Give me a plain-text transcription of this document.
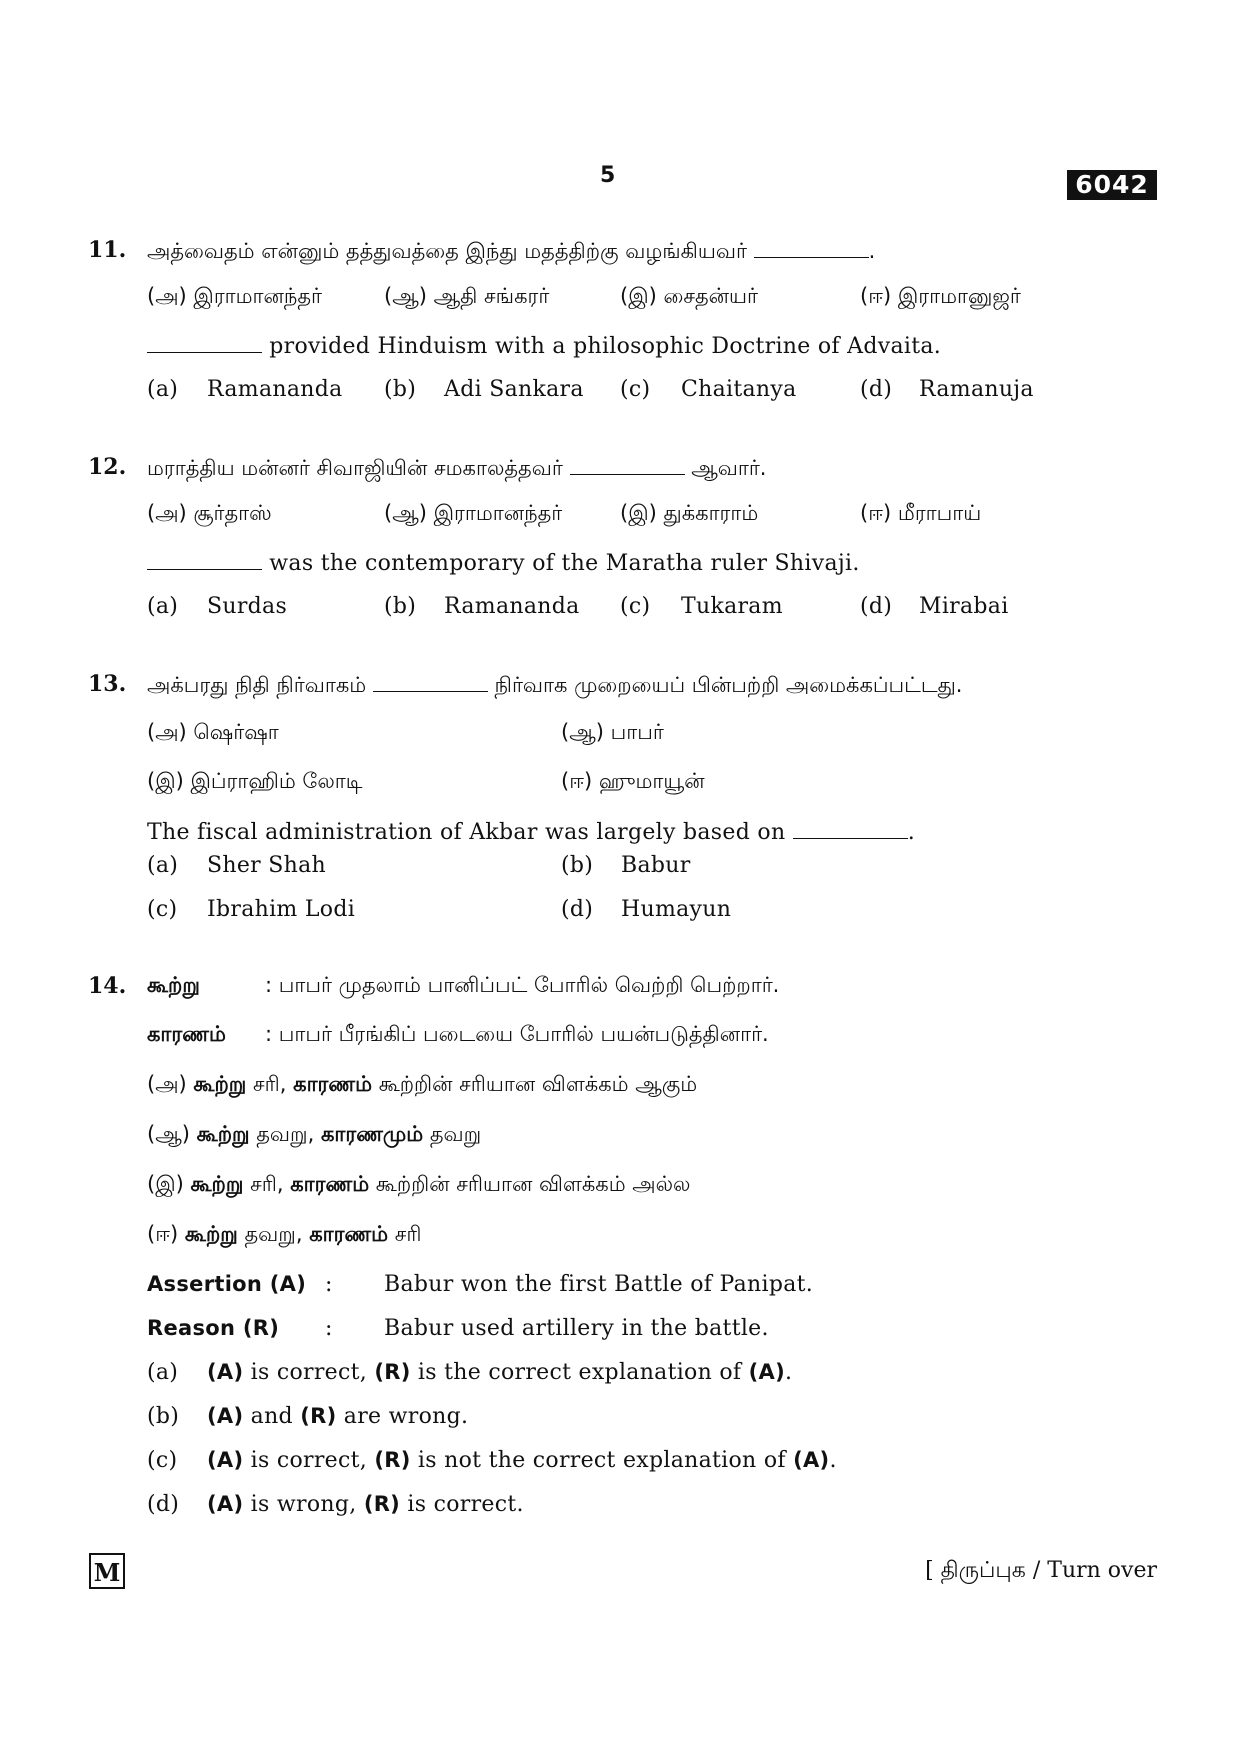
5	6042
11. அத்வைதம் என்னும் தத்துவத்தை இந்து மதத்திற்கு வழங்கியவர்	.
(அ) இராமானந்தர்	(ஆ) ஆதி சங்கரர்	(இ) சைதன்யர்	(ஈ) இராமானுஜர்
provided Hinduism with a philosophic Doctrine of Advaita.
(a) Ramananda (b) Adi Sankara (c) Chaitanya	(d) Ramanuja
12. மராத்திய மன்னர் சிவாஜியின் சமகாலத்தவர்	ஆவார்.
(அ) சூர்தாஸ்	(ஆ) இராமானந்தர்	(இ) துக்காராம்	(ஈ) மீராபாய்
was the contemporary of the Maratha ruler Shivaji.
(a) Surdas	(b) Ramananda (c) Tukaram	(d) Mirabai
13. அக்பரது நிதி நிர்வாகம்	நிர்வாக முறையைப் பின்பற்றி அமைக்கப்பட்டது.
(அ) ஷெர்ஷா	(ஆ) பாபர்
(இ) இப்ராஹிம் லோடி	(ஈ) ஹுமாயூன்
The fiscal administration of Akbar was largely based on	.
(a) Sher Shah	(b) Babur
(c) Ibrahim Lodi	(d) Humayun
14. கூற்று	: பாபர் முதலாம் பானிப்பட் போரில் வெற்றி பெற்றார்.
காரணம் : பாபர் பீரங்கிப் படையை போரில் பயன்படுத்தினார்.
(அ) கூற்று சரி, காரணம் கூற்றின் சரியான விளக்கம் ஆகும்
(ஆ) கூற்று தவறு, காரணமும் தவறு
(இ) கூற்று சரி, காரணம் கூற்றின் சரியான விளக்கம் அல்ல
(ஈ) கூற்று தவறு, காரணம் சரி
Assertion (A) : Babur won the first Battle of Panipat.
Reason (R) : Babur used artillery in the battle.
(a) (A) is correct, (R) is the correct explanation of (A).
(b) (A) and (R) are wrong.
(c) (A) is correct, (R) is not the correct explanation of (A).
(d) (A) is wrong, (R) is correct.
M	[ திருப்புக / Turn over
